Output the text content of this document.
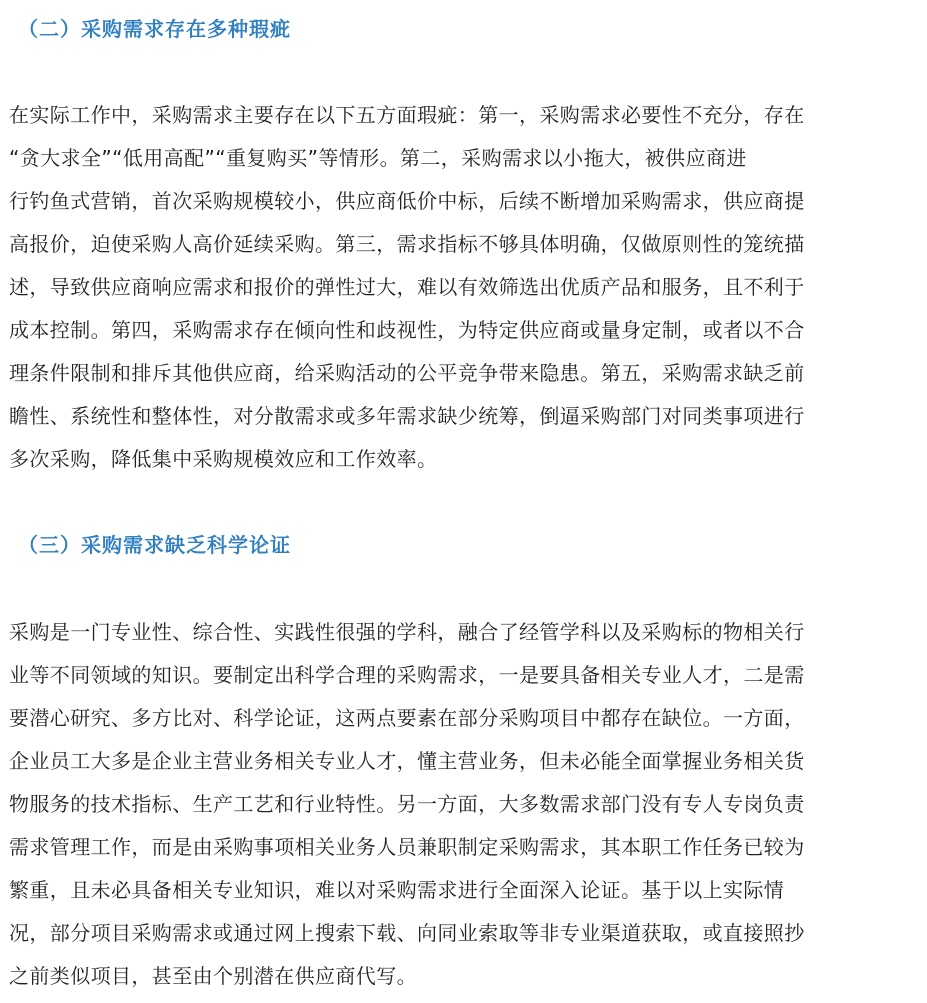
（二）采购需求存在多种瑕疵
在实际工作中，采购需求主要存在以下五方面瑕疵：第一，采购需求必要性不充分，存在
“贪大求全”“低用高配”“重复购买”等情形。第二，采购需求以小拖大，被供应商进
行钓鱼式营销，首次采购规模较小，供应商低价中标，后续不断增加采购需求，供应商提
高报价，迫使采购人高价延续采购。第三，需求指标不够具体明确，仅做原则性的笼统描
述，导致供应商响应需求和报价的弹性过大，难以有效筛选出优质产品和服务，且不利于
成本控制。第四，采购需求存在倾向性和歧视性，为特定供应商或量身定制，或者以不合
理条件限制和排斥其他供应商，给采购活动的公平竞争带来隐患。第五，采购需求缺乏前
瞻性、系统性和整体性，对分散需求或多年需求缺少统筹，倒逼采购部门对同类事项进行
多次采购，降低集中采购规模效应和工作效率。
（三）采购需求缺乏科学论证
采购是一门专业性、综合性、实践性很强的学科，融合了经管学科以及采购标的物相关行
业等不同领域的知识。要制定出科学合理的采购需求，一是要具备相关专业人才，二是需
要潜心研究、多方比对、科学论证，这两点要素在部分采购项目中都存在缺位。一方面，
企业员工大多是企业主营业务相关专业人才，懂主营业务，但未必能全面掌握业务相关货
物服务的技术指标、生产工艺和行业特性。另一方面，大多数需求部门没有专人专岗负责
需求管理工作，而是由采购事项相关业务人员兼职制定采购需求，其本职工作任务已较为
繁重，且未必具备相关专业知识，难以对采购需求进行全面深入论证。基于以上实际情
况，部分项目采购需求或通过网上搜索下载、向同业索取等非专业渠道获取，或直接照抄
之前类似项目，甚至由个别潜在供应商代写。
